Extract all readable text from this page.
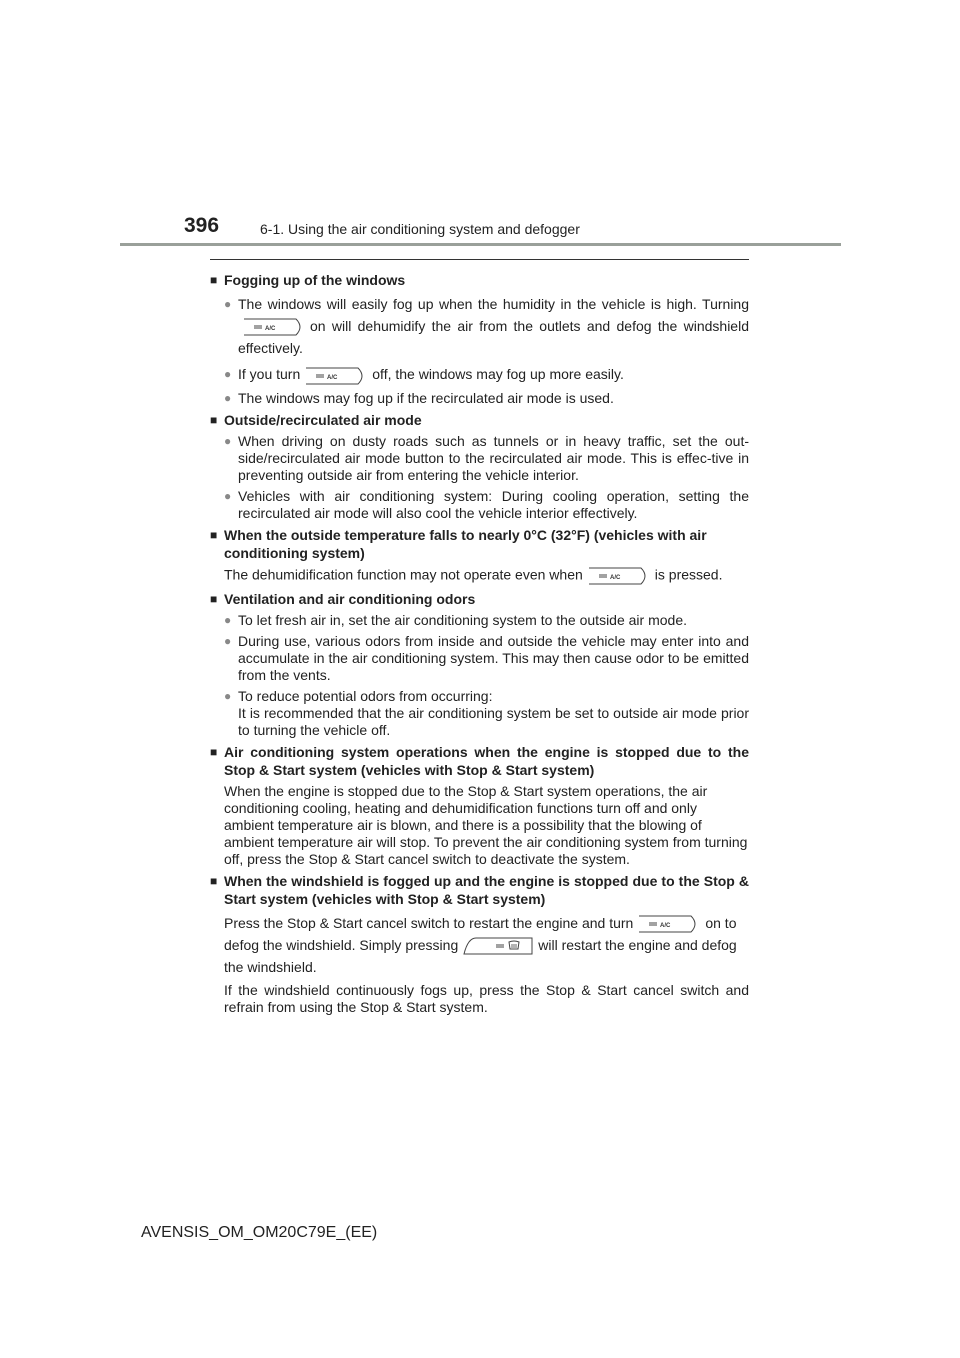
396	6-1. Using the air conditioning system and defogger
■ Fogging up of the windows
● The windows will easily fog up when the humidity in the vehicle is high. Turning
A/C on will dehumidify the air from the outlets and defog the windshield effectively.
● If you turn	A/C off, the windows may fog up more easily.
● The windows may fog up if the recirculated air mode is used.
■ Outside/recirculated air mode
● When driving on dusty roads such as tunnels or in heavy traffic, set the out-side/recirculated air mode button to the recirculated air mode. This is effec-tive in preventing outside air from entering the vehicle interior.
● Vehicles with air conditioning system: During cooling operation, setting the recirculated air mode will also cool the vehicle interior effectively.
■ When the outside temperature falls to nearly 0°C (32°F) (vehicles with air conditioning system)
The dehumidification function may not operate even when	A/C is pressed.
■ Ventilation and air conditioning odors
● To let fresh air in, set the air conditioning system to the outside air mode.
● During use, various odors from inside and outside the vehicle may enter into and accumulate in the air conditioning system. This may then cause odor to be emitted from the vents.
● To reduce potential odors from occurring:
It is recommended that the air conditioning system be set to outside air mode prior to turning the vehicle off.
■ Air conditioning system operations when the engine is stopped due to the Stop & Start system (vehicles with Stop & Start system)
When the engine is stopped due to the Stop & Start system operations, the air conditioning cooling, heating and dehumidification functions turn off and only ambient temperature air is blown, and there is a possibility that the blowing of ambient temperature air will stop. To prevent the air conditioning system from turning off, press the Stop & Start cancel switch to deactivate the system.
■ When the windshield is fogged up and the engine is stopped due to the Stop & Start system (vehicles with Stop & Start system)
Press the Stop & Start cancel switch to restart the engine and turn	A/C on to defog the windshield. Simply pressing	will restart the engine and defog the windshield.
If the windshield continuously fogs up, press the Stop & Start cancel switch and refrain from using the Stop & Start system.
AVENSIS_OM_OM20C79E_(EE)
